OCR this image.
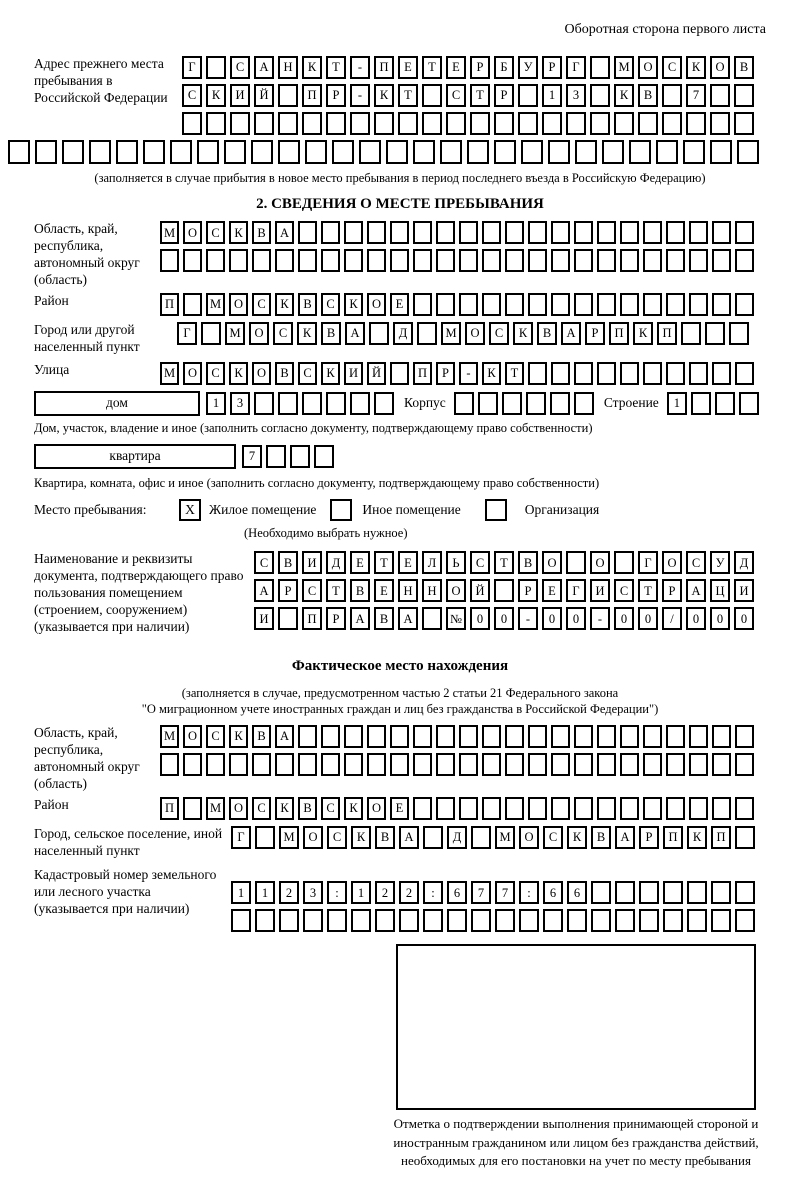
Оборотная сторона первого листа
Адрес прежнего места пребывания в Российской Федерации
Г	С	А	Н	К	Т	-	П	Е	Т	Е	Р	Б	У	Р	Г	М	О	С	К	О	В
С	К	И	Й	П	Р	-	К	Т	С	Т	Р	1	3	К	В	7
(заполняется в случае прибытия в новое место пребывания в период последнего въезда в Российскую Федерацию)
2. СВЕДЕНИЯ О МЕСТЕ ПРЕБЫВАНИЯ
Область, край, республика, автономный округ (область)
М	О	С	К	В	А
Район	П	М	О	С	К	В	С	К	О	Е
Город или другой населенный пункт
Г	М	О	С	К	В	А	Д	М	О	С	К	В	А	Р	П	К	П
Улица	М	О	С	К	О	В	С	К	И	Й	П	Р	-	К	Т
дом	1	3	Корпус	Строение	1
Дом, участок, владение и иное (заполнить согласно документу, подтверждающему право собственности)
квартира	7
Квартира, комната, офис и иное (заполнить согласно документу, подтверждающему право собственности)
Место пребывания:	X	Жилое помещение	Иное помещение	Организация
(Необходимо выбрать нужное)
Наименование и реквизиты документа, подтверждающего право пользования помещением (строением, сооружением) (указывается при наличии)
С	В	И	Д	Е	Т	Е	Л	Ь	С	Т	В	О	О	Г	О	С	У	Д
А	Р	С	Т	В	Е	Н	Н	О	Й	Р	Е	Г	И	С	Т	Р	А	Ц	И
И	П	Р	А	В	А	№	0	0	-	0	0	-	0	0	/	0	0	0
Фактическое место нахождения
(заполняется в случае, предусмотренном частью 2 статьи 21 Федерального закона
"О миграционном учете иностранных граждан и лиц без гражданства в Российской Федерации")
Область, край, республика, автономный округ (область)
М	О	С	К	В	А
Район	П	М	О	С	К	В	С	К	О	Е
Город, сельское поселение, иной населенный пункт
Г	М	О	С	К	В	А	Д	М	О	С	К	В	А	Р	П	К	П
Кадастровый номер земельного или лесного участка (указывается при наличии)
1	1	2	3	:	1	2	2	:	6	7	7	:	6	6
Отметка о подтверждении выполнения принимающей стороной и иностранным гражданином или лицом без гражданства действий, необходимых для его постановки на учет по месту пребывания
